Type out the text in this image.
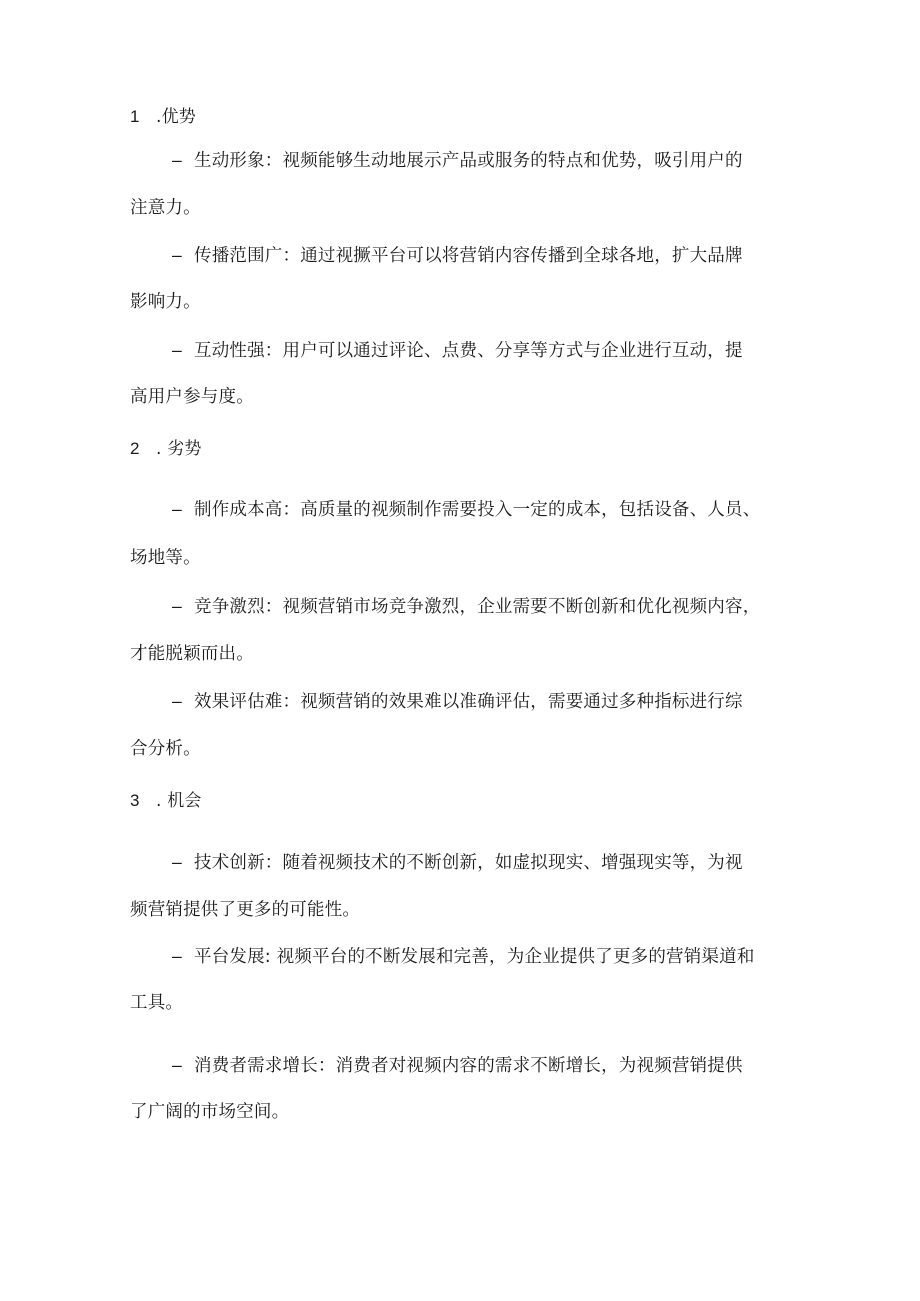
1 .优势
– 生动形象：视频能够生动地展示产品或服务的特点和优势，吸引用户的
注意力。
– 传播范围广：通过视撅平台可以将营销内容传播到全球各地，扩大品牌
影响力。
– 互动性强：用户可以通过评论、点费、分享等方式与企业进行互动，提
高用户参与度。
2 . 劣势
– 制作成本高：高质量的视频制作需要投入一定的成本，包括设备、人员、
场地等。
– 竞争激烈：视频营销市场竞争激烈，企业需要不断创新和优化视频内容，
才能脱颖而出。
– 效果评估难：视频营销的效果难以准确评估，需要通过多种指标进行综
合分析。
3 . 机会
– 技术创新：随着视频技术的不断创新，如虚拟现实、增强现实等，为视
频营销提供了更多的可能性。
– 平台发展: 视频平台的不断发展和完善，为企业提供了更多的营销渠道和
工具。
– 消费者需求增长：消费者对视频内容的需求不断增长，为视频营销提供
了广阔的市场空间。
